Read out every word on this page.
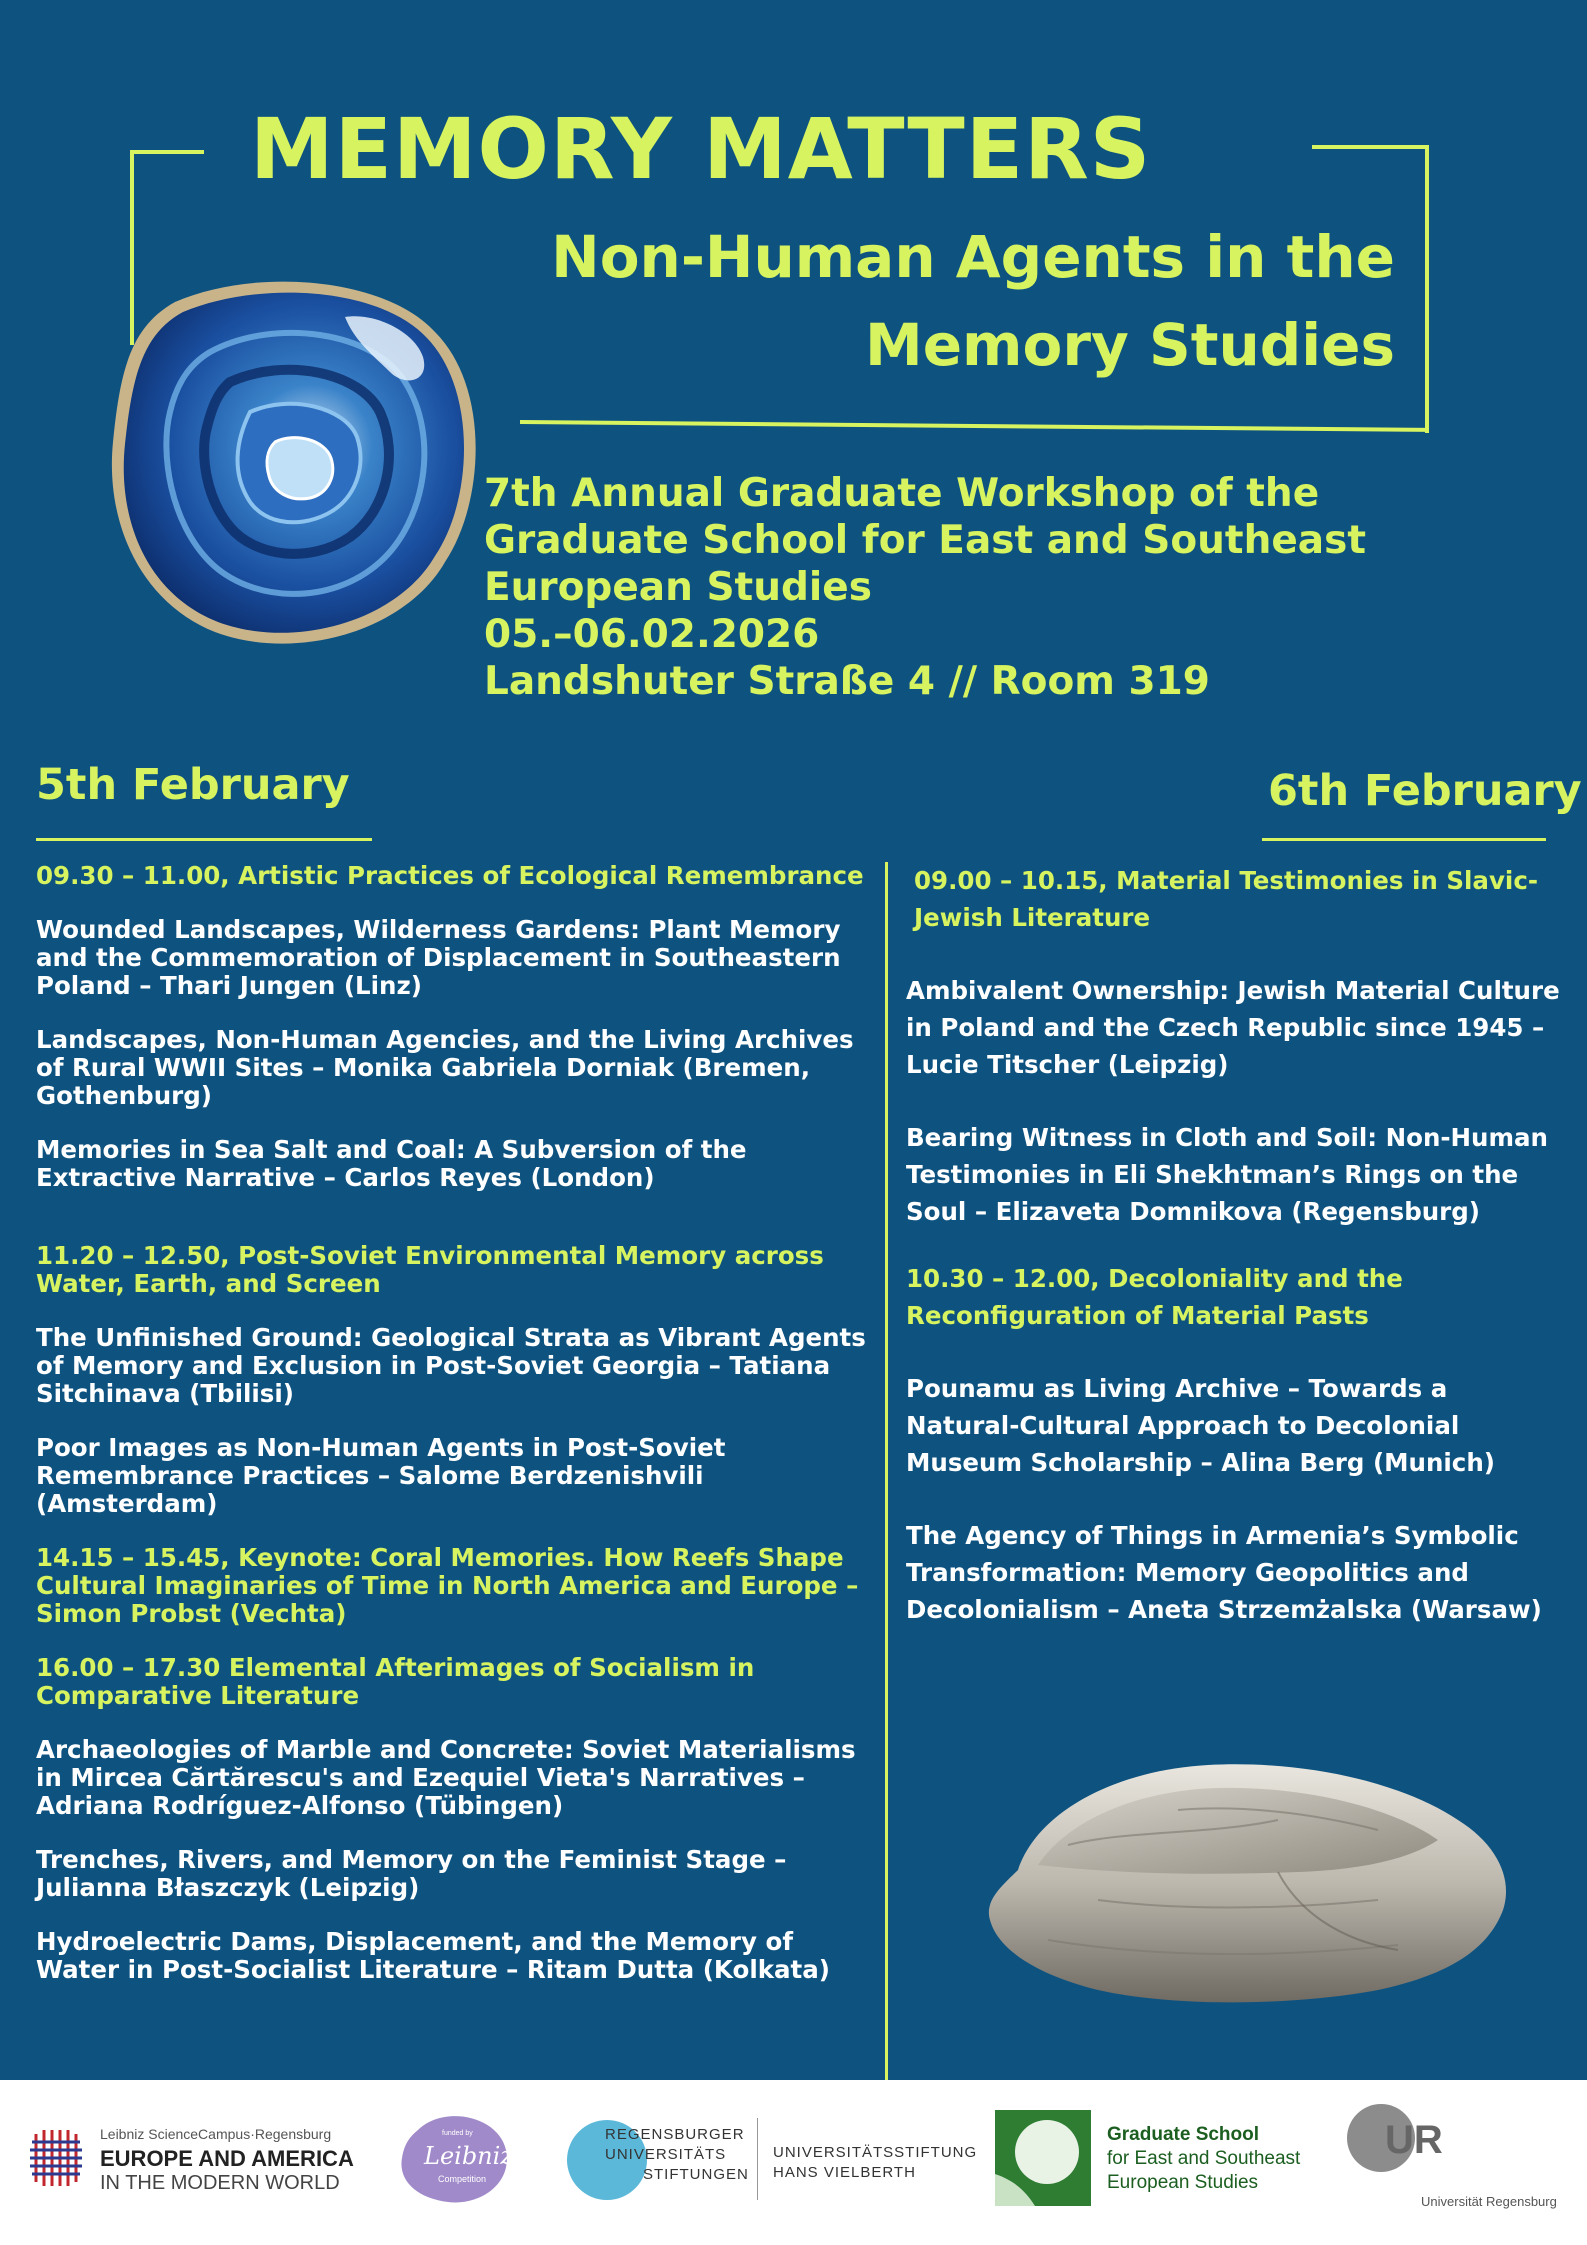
MEMORY MATTERS
Non-Human Agents in the
Memory Studies
7th Annual Graduate Workshop of the
Graduate School for East and Southeast
European Studies
05.–06.02.2026
Landshuter Straße 4 // Room 319
5th February	6th February
09.30 – 11.00, Artistic Practices of Ecological Remembrance
Wounded Landscapes, Wilderness Gardens: Plant Memory and the Commemoration of Displacement in Southeastern Poland – Thari Jungen (Linz)
Landscapes, Non-Human Agencies, and the Living Archives of Rural WWII Sites – Monika Gabriela Dorniak (Bremen, Gothenburg)
Memories in Sea Salt and Coal: A Subversion of the Extractive Narrative – Carlos Reyes (London)
11.20 – 12.50, Post-Soviet Environmental Memory across Water, Earth, and Screen
The Unfinished Ground: Geological Strata as Vibrant Agents of Memory and Exclusion in Post-Soviet Georgia – Tatiana Sitchinava (Tbilisi)
Poor Images as Non-Human Agents in Post-Soviet Remembrance Practices – Salome Berdzenishvili (Amsterdam)
14.15 – 15.45, Keynote: Coral Memories. How Reefs Shape Cultural Imaginaries of Time in North America and Europe – Simon Probst (Vechta)
16.00 – 17.30 Elemental Afterimages of Socialism in Comparative Literature
Archaeologies of Marble and Concrete: Soviet Materialisms in Mircea Cărtărescu's and Ezequiel Vieta's Narratives – Adriana Rodríguez-Alfonso (Tübingen)
Trenches, Rivers, and Memory on the Feminist Stage – Julianna Błaszczyk (Leipzig)
Hydroelectric Dams, Displacement, and the Memory of Water in Post-Socialist Literature – Ritam Dutta (Kolkata)
09.00 – 10.15, Material Testimonies in Slavic-Jewish Literature
Ambivalent Ownership: Jewish Material Culture in Poland and the Czech Republic since 1945 – Lucie Titscher (Leipzig)
Bearing Witness in Cloth and Soil: Non-Human Testimonies in Eli Shekhtman’s Rings on the Soul – Elizaveta Domnikova (Regensburg)
10.30 – 12.00, Decoloniality and the Reconfiguration of Material Pasts
Pounamu as Living Archive – Towards a Natural-Cultural Approach to Decolonial Museum Scholarship – Alina Berg (Munich)
The Agency of Things in Armenia’s Symbolic Transformation: Memory Geopolitics and Decolonialism – Aneta Strzemżalska (Warsaw)
Leibniz ScienceCampus·Regensburg
EUROPE AND AMERICA
IN THE MODERN WORLD
funded by
Leibniz
Competition
REGENSBURGER
UNIVERSITÄTS
STIFTUNGEN
UNIVERSITÄTSSTIFTUNG
HANS VIELBERTH
Graduate School
for East and Southeast
European Studies
UR
Universität Regensburg
